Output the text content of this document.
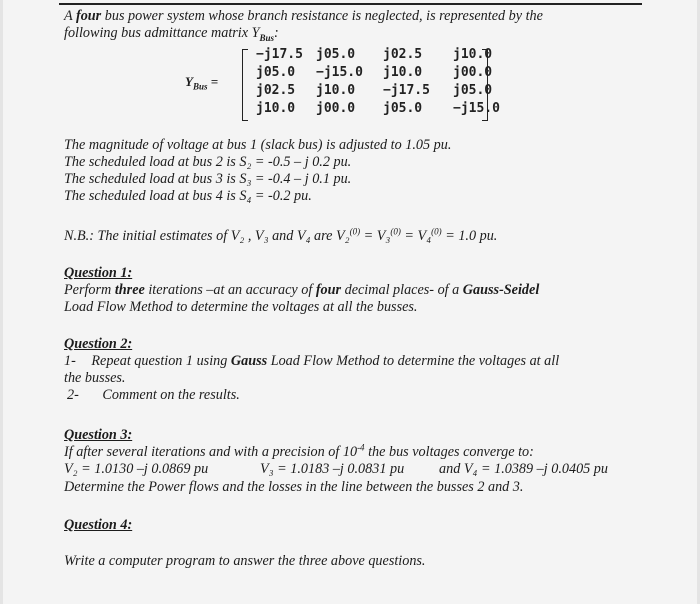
A four bus power system whose branch resistance is neglected, is represented by the
following bus admittance matrix $Y_{Bus}$:
$Y_{Bus}$ =
−j17.5 j05.0 j02.5 j10.0
j05.0 −j15.0 j10.0 j00.0
j02.5 j10.0 −j17.5 j05.0
j10.0 j00.0 j05.0 −j15.0
The magnitude of voltage at bus 1 (slack bus) is adjusted to 1.05 pu.
The scheduled load at bus 2 is S₂ = -0.5 – j 0.2 pu.
The scheduled load at bus 3 is S₃ = -0.4 – j 0.1 pu.
The scheduled load at bus 4 is S₄ = -0.2 pu.
N.B.: The initial estimates of V₂ , V₃ and V₄ are V₂$^{(0)}$ = V₃$^{(0)}$ = V₄$^{(0)}$ = 1.0 pu.
Question 1:
Perform three iterations –at an accuracy of four decimal places- of a Gauss-Seidel
Load Flow Method to determine the voltages at all the busses.
Question 2:
1- Repeat question 1 using Gauss Load Flow Method to determine the voltages at all
the busses.
2- Comment on the results.
Question 3:
If after several iterations and with a precision of $10^{-4}$ the bus voltages converge to:
V₂ = 1.0130 –j 0.0869 pu	V₃ = 1.0183 –j 0.0831 pu and V₄ = 1.0389 –j 0.0405 pu
Determine the Power flows and the losses in the line between the busses 2 and 3.
Question 4:
Write a computer program to answer the three above questions.
